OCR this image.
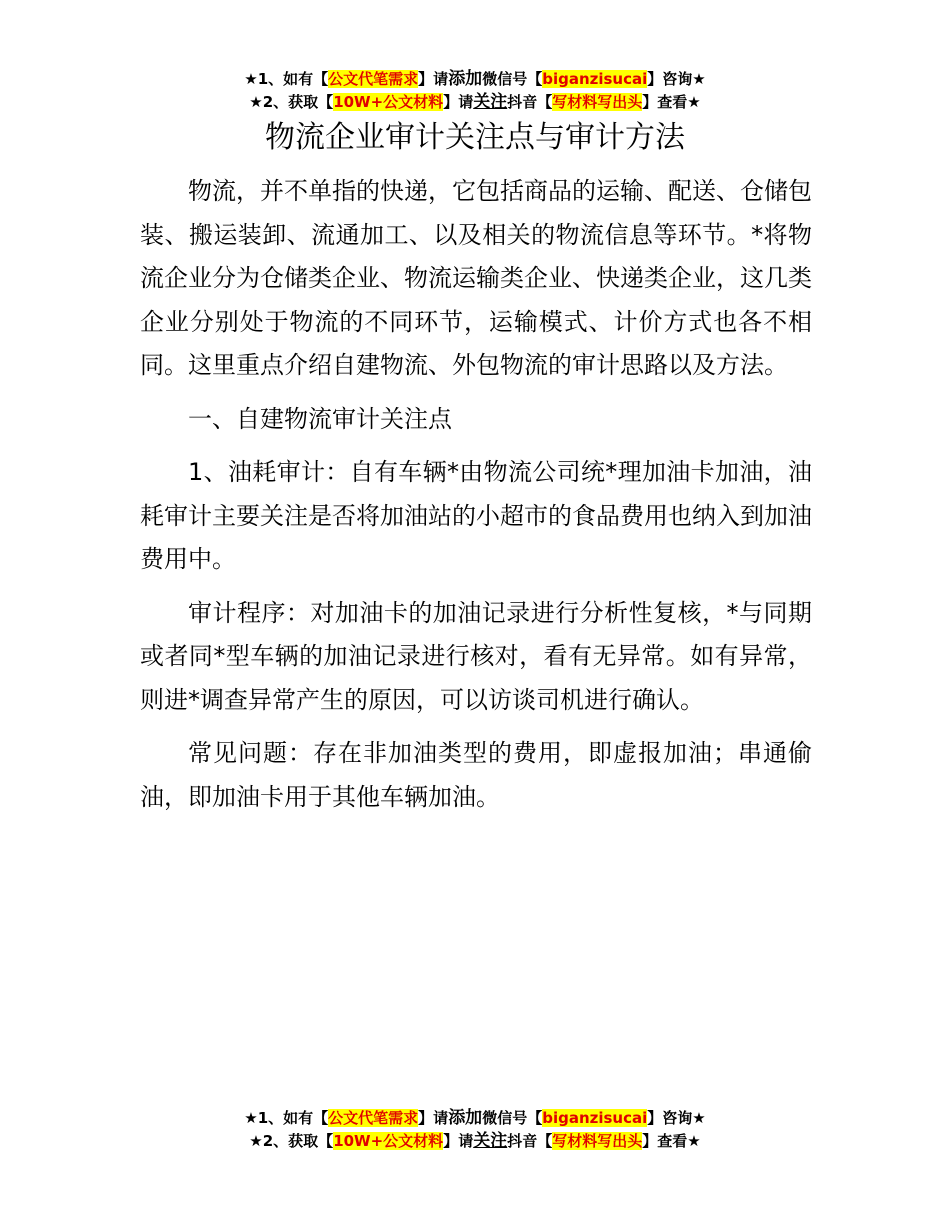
★1、如有【公文代笔需求】请添加微信号【biganzisucai】咨询★
★2、获取【10W+公文材料】请关注抖音【写材料写出头】查看★
物流企业审计关注点与审计方法

物流，并不单指的快递，它包括商品的运输、配送、仓储包装、搬运装卸、流通加工、以及相关的物流信息等环节。*将物流企业分为仓储类企业、物流运输类企业、快递类企业，这几类企业分别处于物流的不同环节，运输模式、计价方式也各不相同。这里重点介绍自建物流、外包物流的审计思路以及方法。

一、自建物流审计关注点

1、油耗审计：自有车辆*由物流公司统*理加油卡加油，油耗审计主要关注是否将加油站的小超市的食品费用也纳入到加油费用中。

审计程序：对加油卡的加油记录进行分析性复核，*与同期或者同*型车辆的加油记录进行核对，看有无异常。如有异常，则进*调查异常产生的原因，可以访谈司机进行确认。

常见问题：存在非加油类型的费用，即虚报加油；串通偷油，即加油卡用于其他车辆加油。

★1、如有【公文代笔需求】请添加微信号【biganzisucai】咨询★
★2、获取【10W+公文材料】请关注抖音【写材料写出头】查看★
